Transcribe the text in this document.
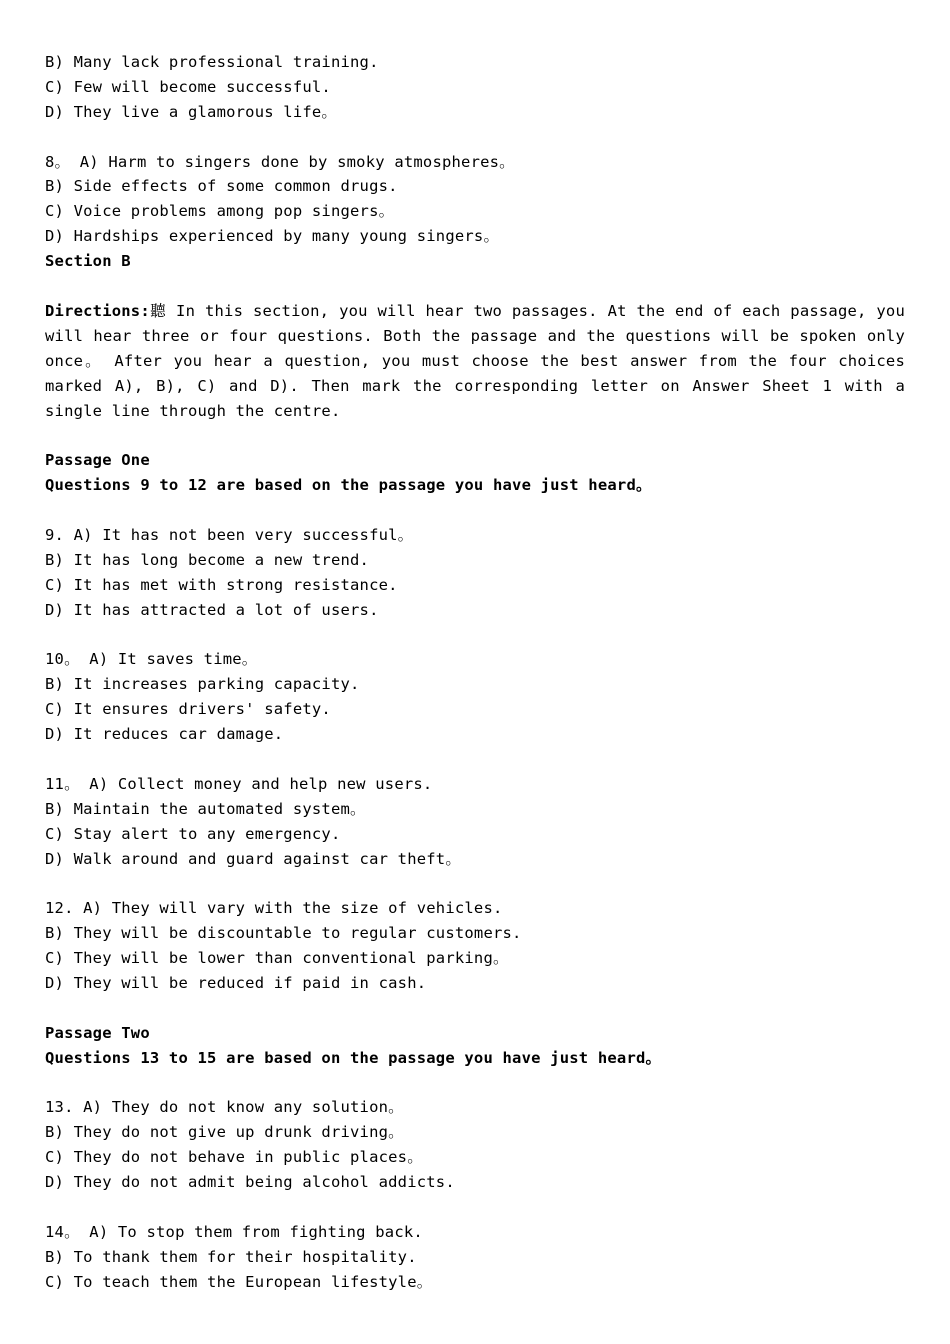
B) Many lack professional training.
C) Few will become successful.
D) They live a glamorous life。
8。 A) Harm to singers done by smoky atmospheres。
B) Side effects of some common drugs.
C) Voice problems among pop singers。
D) Hardships experienced by many young singers。
Section B
Directions:聽 In this section, you will hear two passages. At the end of each passage, you will hear three or four questions. Both the passage and the questions will be spoken only once。 After you hear a question, you must choose the best answer from the four choices marked A), B), C) and D). Then mark the corresponding letter on Answer Sheet 1 with a single line through the centre.
Passage One
Questions 9 to 12 are based on the passage you have just heard。
9. A) It has not been very successful。
B) It has long become a new trend.
C) It has met with strong resistance.
D) It has attracted a lot of users.
10。 A) It saves time。
B) It increases parking capacity.
C) It ensures drivers' safety.
D) It reduces car damage.
11。 A) Collect money and help new users.
B) Maintain the automated system。
C) Stay alert to any emergency.
D) Walk around and guard against car theft。
12. A) They will vary with the size of vehicles.
B) They will be discountable to regular customers.
C) They will be lower than conventional parking。
D) They will be reduced if paid in cash.
Passage Two
Questions 13 to 15 are based on the passage you have just heard。
13. A) They do not know any solution。
B) They do not give up drunk driving。
C) They do not behave in public places。
D) They do not admit being alcohol addicts.
14。 A) To stop them from fighting back.
B) To thank them for their hospitality.
C) To teach them the European lifestyle。
